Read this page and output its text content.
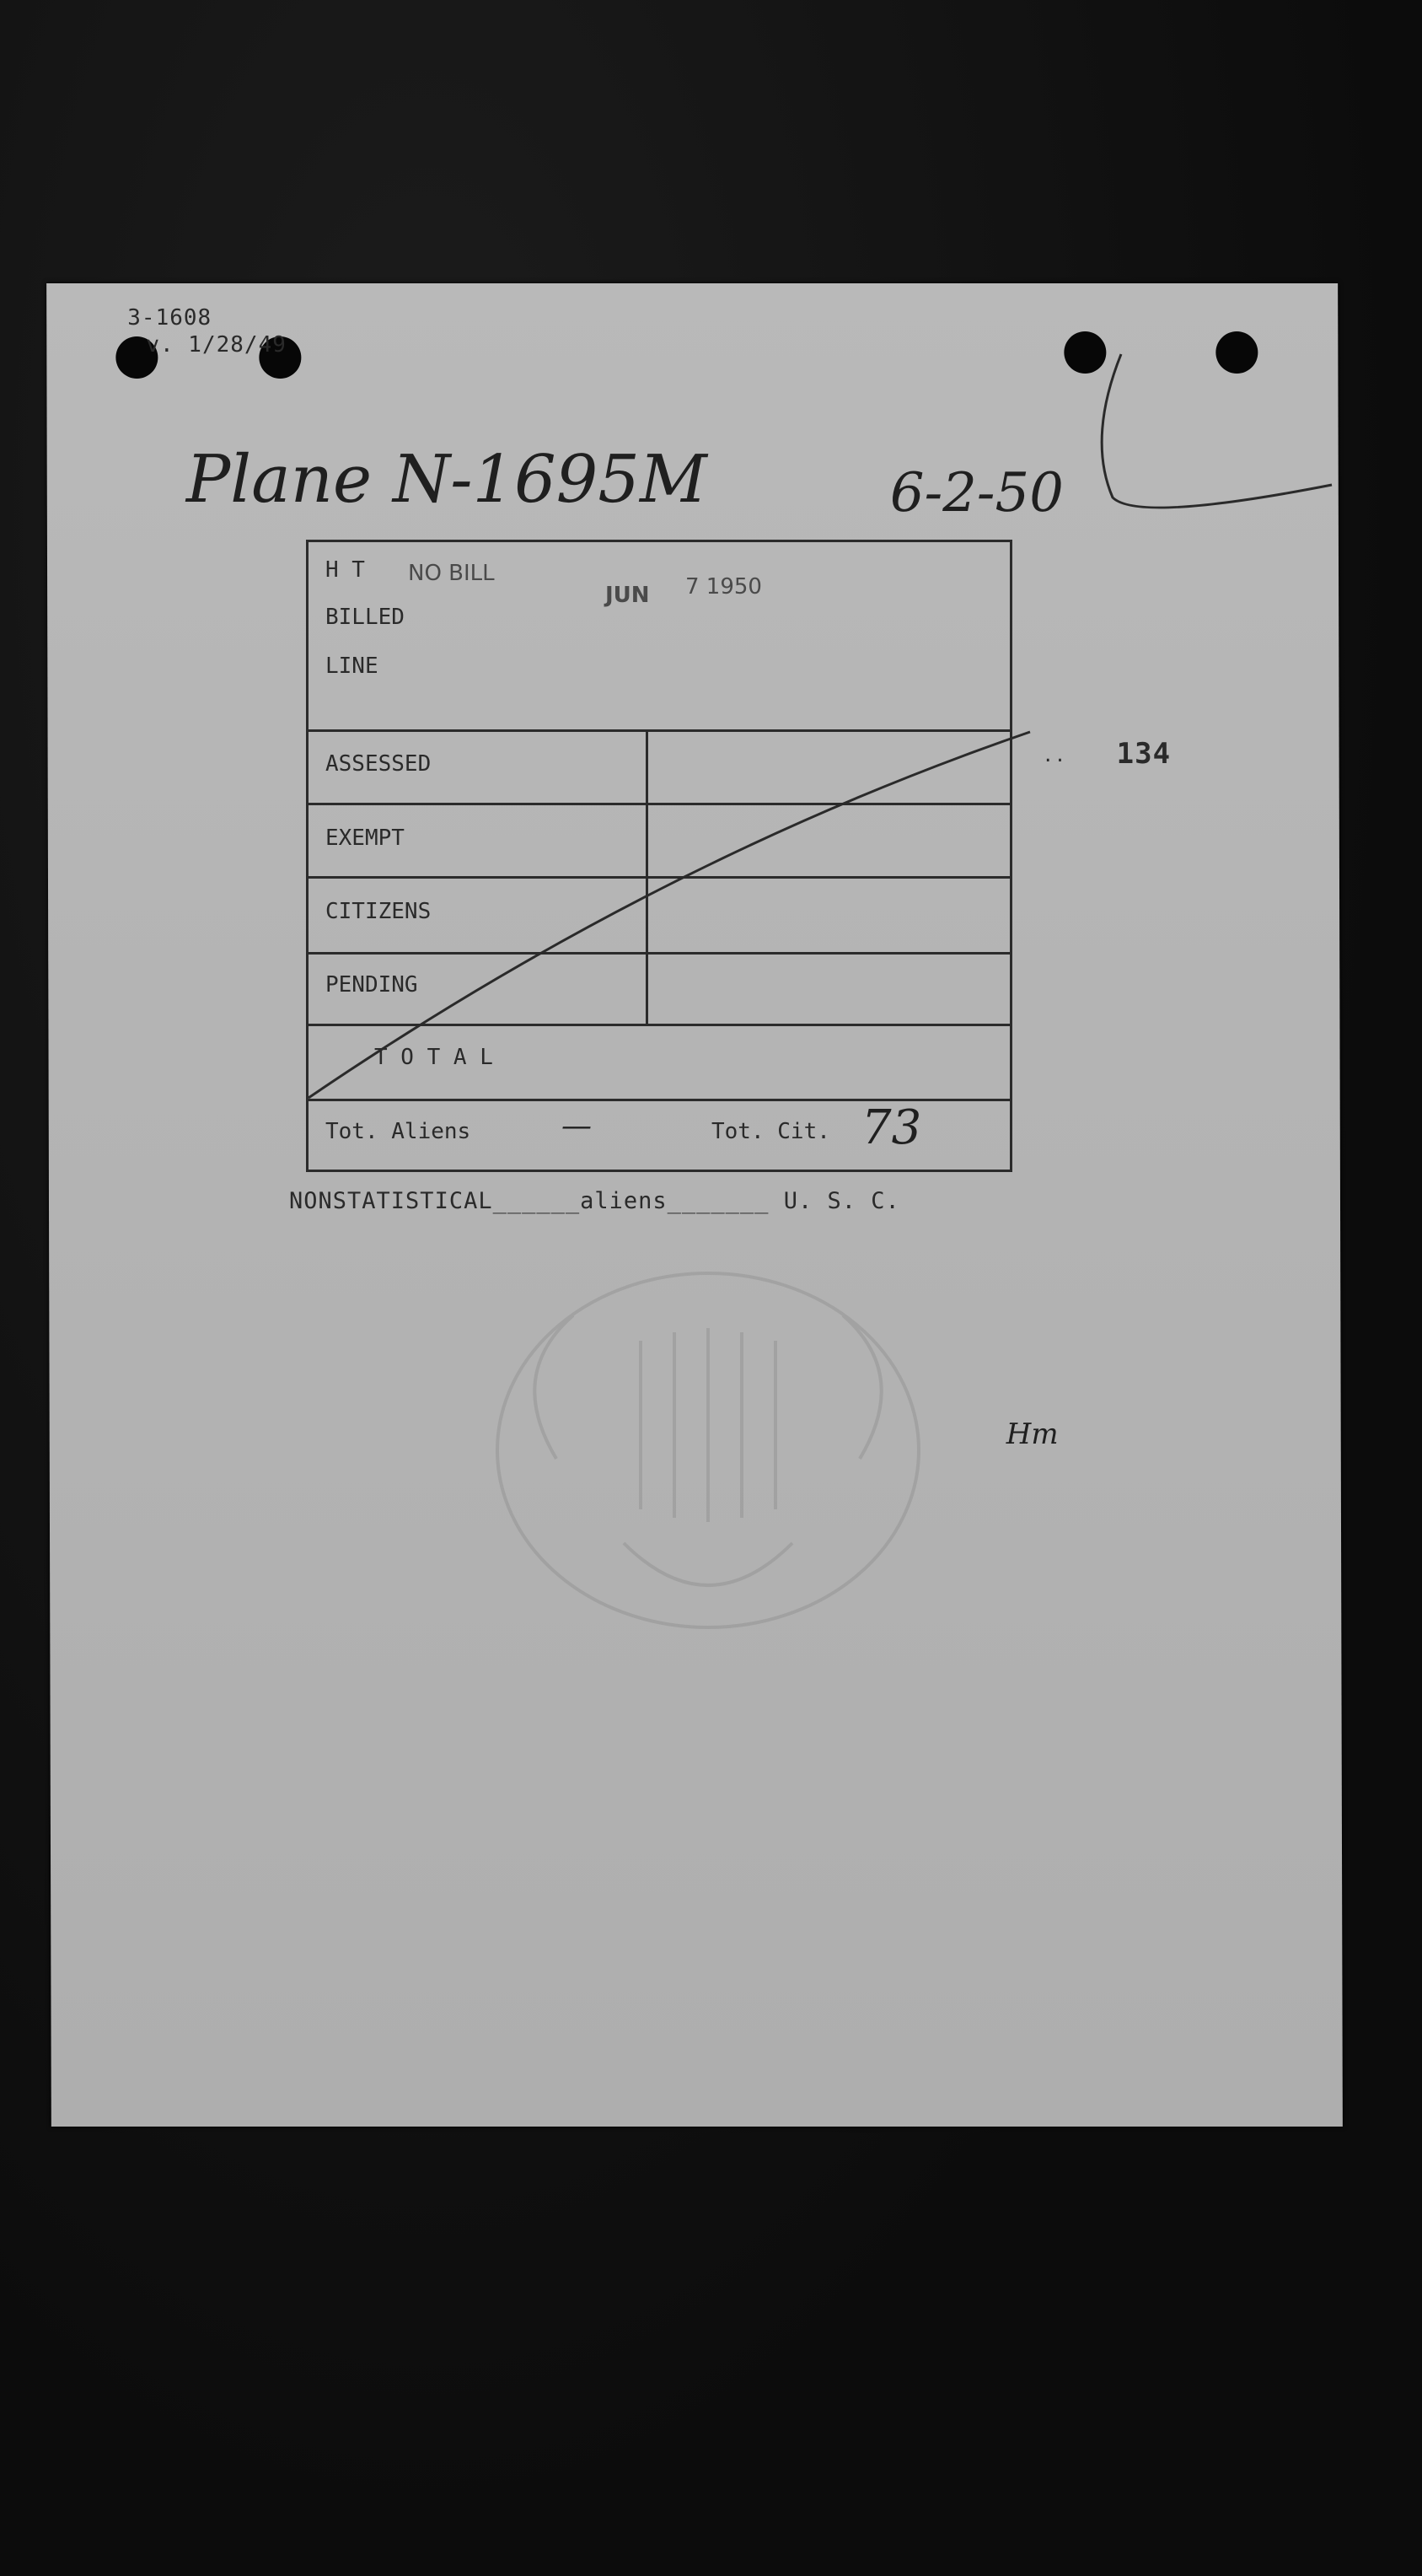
3-1608
v. 1/28/49
Plane N-1695M	6-2-50
134
..
Hm
NONSTATISTICAL______aliens_______ U. S. C.
H T
BILLED
LINE
NO BILL
JUN 7 1950
ASSESSED
EXEMPT
CITIZENS
PENDING
T O T A L
Tot. Aliens	—	Tot. Cit. 73
